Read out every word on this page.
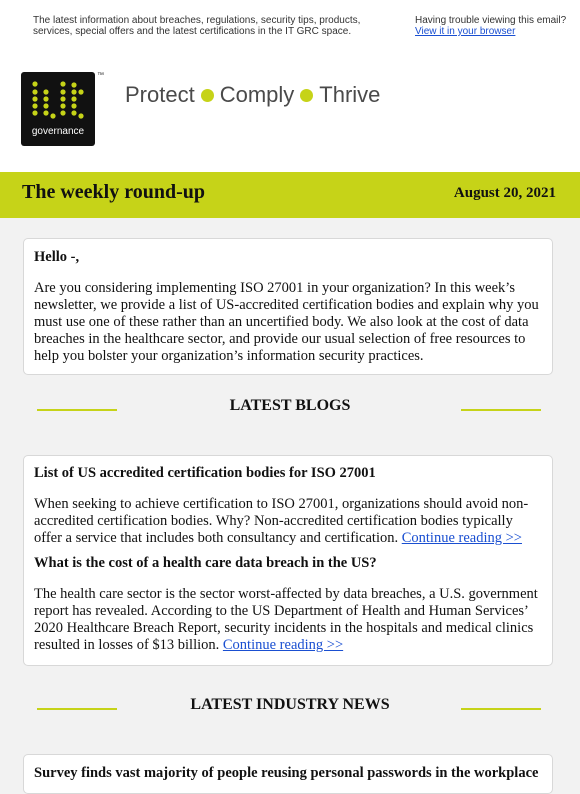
The latest information about breaches, regulations, security tips, products, services, special offers and the latest certifications in the IT GRC space.
Having trouble viewing this email?
View it in your browser
governance
™
Protect Comply Thrive
The weekly round-up	August 20, 2021

Hello -,

Are you considering implementing ISO 27001 in your organization? In this week’s newsletter, we provide a list of US-accredited certification bodies and explain why you must use one of these rather than an uncertified body. We also look at the cost of data breaches in the healthcare sector, and provide our usual selection of free resources to help you bolster your organization’s information security practices.

LATEST BLOGS
List of US accredited certification bodies for ISO 27001

When seeking to achieve certification to ISO 27001, organizations should avoid non-accredited certification bodies. Why? Non-accredited certification bodies typically offer a service that includes both consultancy and certification. Continue reading >>

What is the cost of a health care data breach in the US?

The health care sector is the sector worst-affected by data breaches, a U.S. government report has revealed. According to the US Department of Health and Human Services’ 2020 Healthcare Breach Report, security incidents in the hospitals and medical clinics resulted in losses of $13 billion. Continue reading >>

LATEST INDUSTRY NEWS
Survey finds vast majority of people reusing personal passwords in the workplace
